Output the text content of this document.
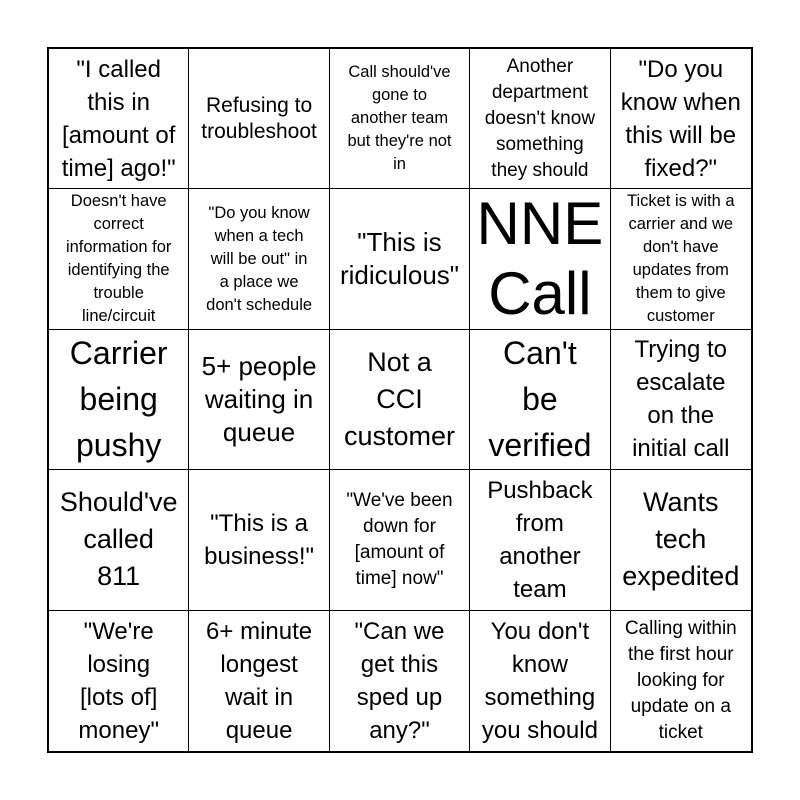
"I called
this in
[amount of
time] ago!"
Refusing to
troubleshoot
Call should've
gone to
another team
but they're not
in
Another
department
doesn't know
something
they should
"Do you
know when
this will be
fixed?"
Doesn't have
correct
information for
identifying the
trouble
line/circuit
"Do you know
when a tech
will be out" in
a place we
don't schedule
"This is
ridiculous"
NNE
Call
Ticket is with a
carrier and we
don't have
updates from
them to give
customer
Carrier
being
pushy
5+ people
waiting in
queue
Not a
CCI
customer
Can't
be
verified
Trying to
escalate
on the
initial call
Should've
called
811
"This is a
business!"
"We've been
down for
[amount of
time] now"
Pushback
from
another
team
Wants
tech
expedited
"We're
losing
[lots of]
money"
6+ minute
longest
wait in
queue
"Can we
get this
sped up
any?"
You don't
know
something
you should
Calling within
the first hour
looking for
update on a
ticket
